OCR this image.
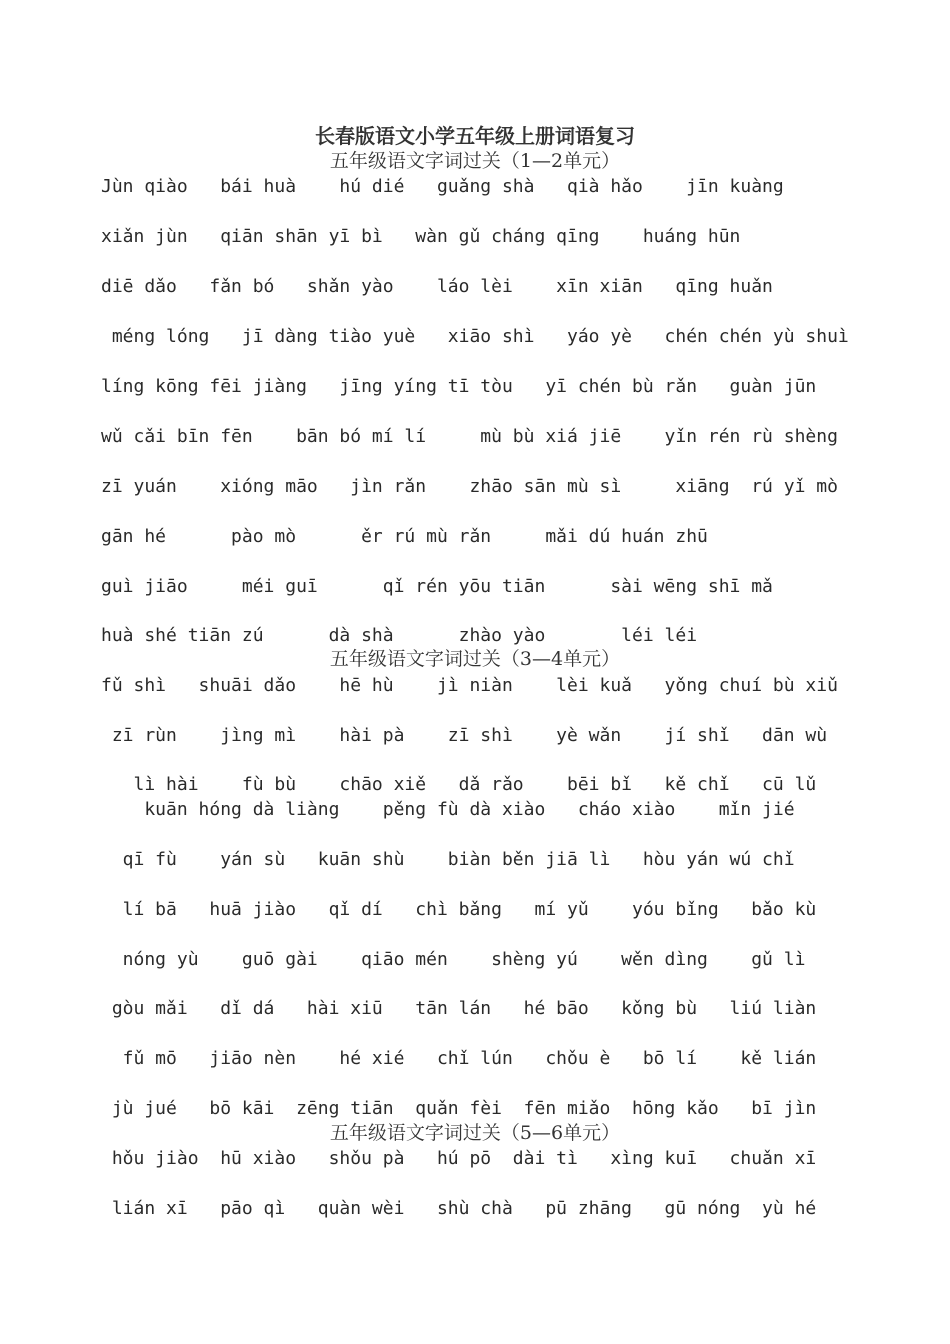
长春版语文小学五年级上册词语复习
五年级语文字词过关（1—2单元）
Jùn qiào   bái huà    hú dié   guǎng shà   qià hǎo    jīn kuàng
xiǎn jùn   qiān shān yī bì   wàn gǔ cháng qīng    huáng hūn
diē dǎo   fǎn bó   shǎn yào    láo lèi    xīn xiān   qīng huǎn
méng lóng   jī dàng tiào yuè   xiāo shì   yáo yè   chén chén yù shuì
líng kōng fēi jiàng   jīng yíng tī tòu   yī chén bù rǎn   guàn jūn
wǔ cǎi bīn fēn    bān bó mí lí     mù bù xiá jiē    yǐn rén rù shèng
zī yuán    xióng māo   jìn rǎn    zhāo sān mù sì     xiāng  rú yǐ mò
gān hé      pào mò      ěr rú mù rǎn     mǎi dú huán zhū
guì jiāo     méi guī      qǐ rén yōu tiān      sài wēng shī mǎ
huà shé tiān zú      dà shà      zhào yào       léi léi
五年级语文字词过关（3—4单元）
fǔ shì   shuāi dǎo    hē hù    jì niàn    lèi kuǎ   yǒng chuí bù xiǔ
zī rùn    jìng mì    hài pà    zī shì    yè wǎn    jí shǐ   dān wù
lì hài    fù bù    chāo xiě   dǎ rǎo    bēi bǐ   kě chǐ   cū lǔ
kuān hóng dà liàng    pěng fù dà xiào   cháo xiào    mǐn jié
qī fù    yán sù   kuān shù    biàn běn jiā lì   hòu yán wú chǐ
lí bā   huā jiào   qǐ dí   chì bǎng   mí yǔ    yóu bǐng   bǎo kù
nóng yù    guō gài    qiāo mén    shèng yú    wěn dìng    gǔ lì
gòu mǎi   dǐ dá   hài xiū   tān lán   hé bāo   kǒng bù   liú liàn
fǔ mō   jiāo nèn    hé xié   chǐ lún   chǒu è   bō lí    kě lián
jù jué   bō kāi  zēng tiān  quǎn fèi  fēn miǎo  hōng kǎo   bī jìn
五年级语文字词过关（5—6单元）
hǒu jiào  hū xiào   shǒu pà   hú pō  dài tì   xìng kuī   chuǎn xī
lián xī   pāo qì   quàn wèi   shù chà   pū zhāng   gū nóng  yù hé
